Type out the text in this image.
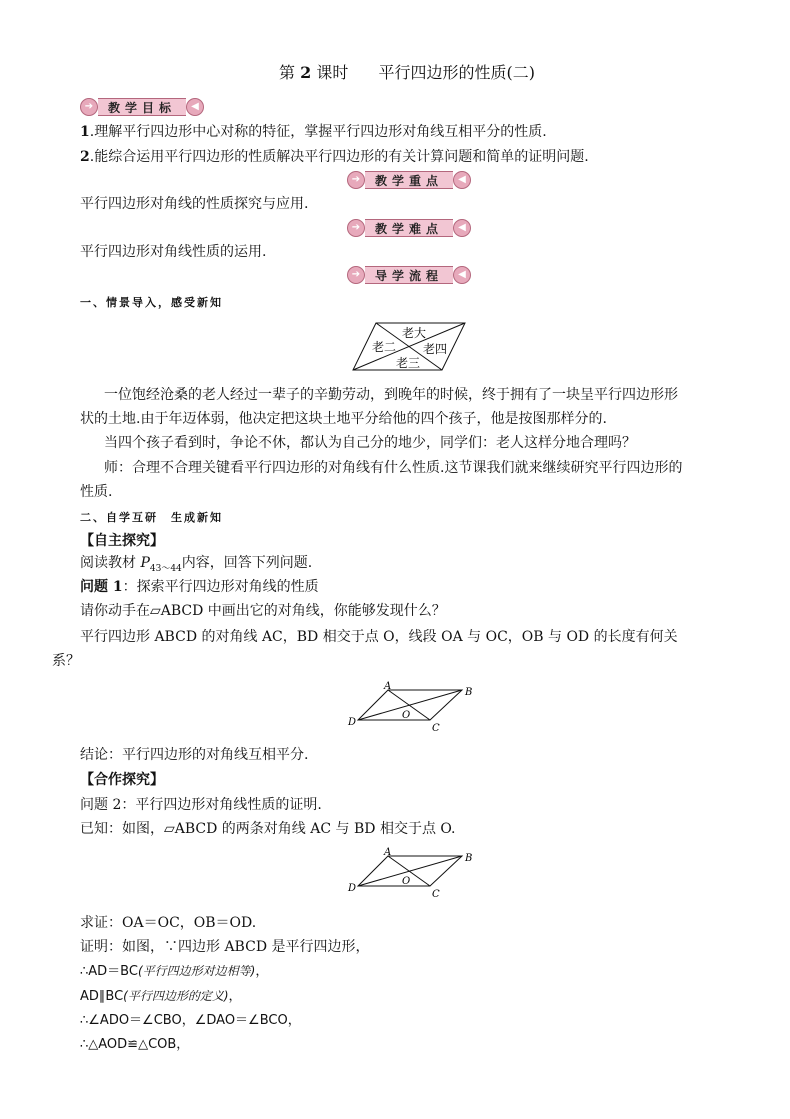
第 2 课时 平行四边形的性质(二)
➔	教学目标	◀
1.理解平行四边形中心对称的特征，掌握平行四边形对角线互相平分的性质.
2.能综合运用平行四边形的性质解决平行四边形的有关计算问题和简单的证明问题.
➔	教学重点	◀
平行四边形对角线的性质探究与应用.
➔	教学难点	◀
平行四边形对角线性质的运用.
➔	导学流程	◀
一、情景导入，感受新知
老大
老二 老四
老三
一位饱经沧桑的老人经过一辈子的辛勤劳动，到晚年的时候，终于拥有了一块呈平行四边形形
状的土地.由于年迈体弱，他决定把这块土地平分给他的四个孩子，他是按图那样分的.
当四个孩子看到时，争论不休，都认为自己分的地少，同学们：老人这样分地合理吗？
师：合理不合理关键看平行四边形的对角线有什么性质.这节课我们就来继续研究平行四边形的
性质.
二、自学互研　生成新知
【自主探究】
阅读教材 $P_{43\sim 44}$内容，回答下列问题.
问题 1：探索平行四边形对角线的性质
请你动手在▱ABCD 中画出它的对角线，你能够发现什么？
平行四边形 ABCD 的对角线 AC，BD 相交于点 O，线段 OA 与 OC，OB 与 OD 的长度有何关
系？
A
B
C
D
O
结论：平行四边形的对角线互相平分.
【合作探究】
问题 2：平行四边形对角线性质的证明.
已知：如图，▱ABCD 的两条对角线 AC 与 BD 相交于点 O.
A
B
C
D
O
求证：OA＝OC，OB＝OD.
证明：如图，∵四边形 ABCD 是平行四边形，
∴AD＝BC(平行四边形对边相等)，
AD∥BC(平行四边形的定义)，
∴∠ADO＝∠CBO，∠DAO＝∠BCO，
∴△AOD≌△COB，
